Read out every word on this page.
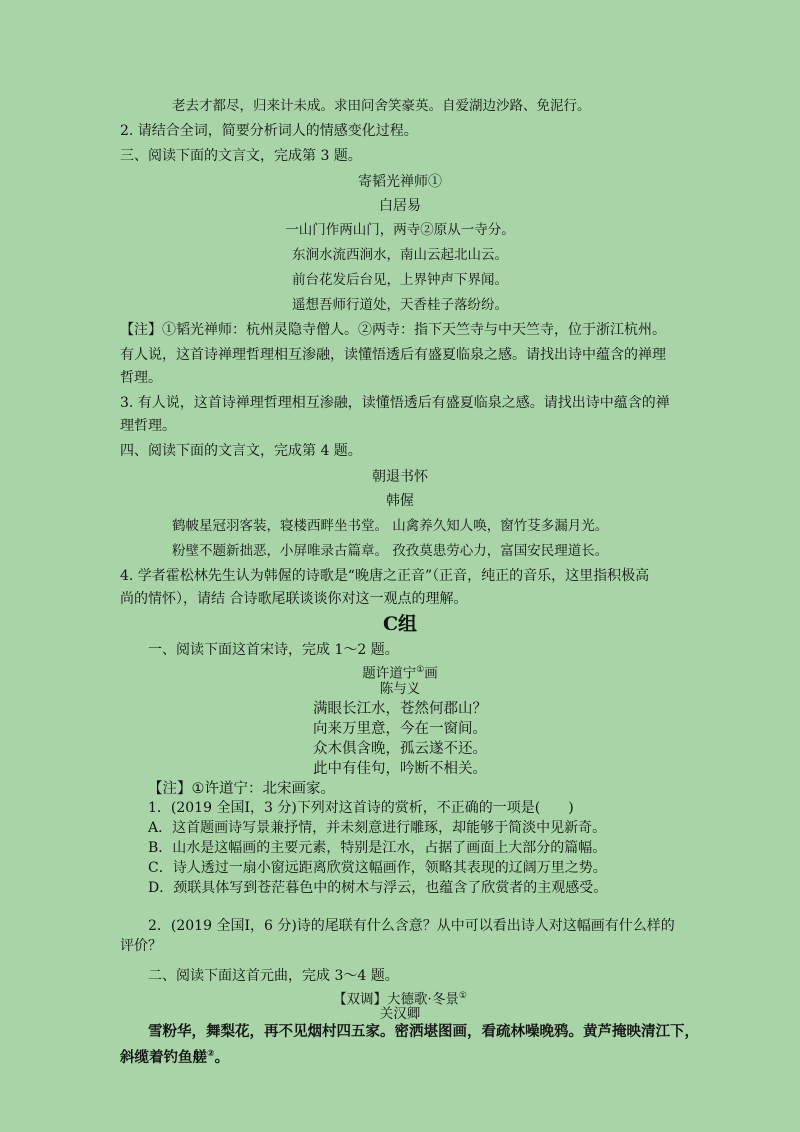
老去才都尽，归来计未成。求田问舍笑豪英。自爱湖边沙路、免泥行。
2. 请结合全词，简要分析词人的情感变化过程。
三、阅读下面的文言文，完成第 3 题。
寄韬光禅师①
白居易
一山门作两山门，两寺②原从一寺分。
东涧水流西涧水，南山云起北山云。
前台花发后台见，上界钟声下界闻。
遥想吾师行道处，天香桂子落纷纷。
【注】①韬光禅师：杭州灵隐寺僧人。②两寺：指下天竺寺与中天竺寺，位于浙江杭州。
有人说，这首诗禅理哲理相互渗融，读懂悟透后有盛夏临泉之感。请找出诗中蕴含的禅理
哲理。
3. 有人说，这首诗禅理哲理相互渗融，读懂悟透后有盛夏临泉之感。请找出诗中蕴含的禅
理哲理。
四、阅读下面的文言文，完成第 4 题。
朝退书怀
韩偓
鹤帔星冠羽客装，寝楼西畔坐书堂。 山禽养久知人唤，窗竹芟多漏月光。
粉壁不题新拙恶，小屏唯录古篇章。 孜孜莫患劳心力，富国安民理道长。
4. 学者霍松林先生认为韩偓的诗歌是“晚唐之正音”（正音，纯正的音乐，这里指积极高
尚的情怀），请结 合诗歌尾联谈谈你对这一观点的理解。
C组
一、阅读下面这首宋诗，完成 1～2 题。
题许道宁①画
陈与义
满眼长江水，苍然何郡山？
向来万里意，今在一窗间。
众木俱含晚，孤云遂不还。
此中有佳句，吟断不相关。
【注】①许道宁：北宋画家。
1．(2019 全国Ⅰ，3 分)下列对这首诗的赏析，不正确的一项是(　　)
A．这首题画诗写景兼抒情，并未刻意进行雕琢，却能够于简淡中见新奇。
B．山水是这幅画的主要元素，特别是江水，占据了画面上大部分的篇幅。
C．诗人透过一扇小窗远距离欣赏这幅画作，领略其表现的辽阔万里之势。
D．颈联具体写到苍茫暮色中的树木与浮云，也蕴含了欣赏者的主观感受。
2．(2019 全国Ⅰ，6 分)诗的尾联有什么含意？从中可以看出诗人对这幅画有什么样的
评价？
二、阅读下面这首元曲，完成 3～4 题。
【双调】大德歌·冬景①
关汉卿
雪粉华，舞梨花，再不见烟村四五家。密洒堪图画，看疏林噪晚鸦。黄芦掩映清江下，
斜缆着钓鱼艖②。
